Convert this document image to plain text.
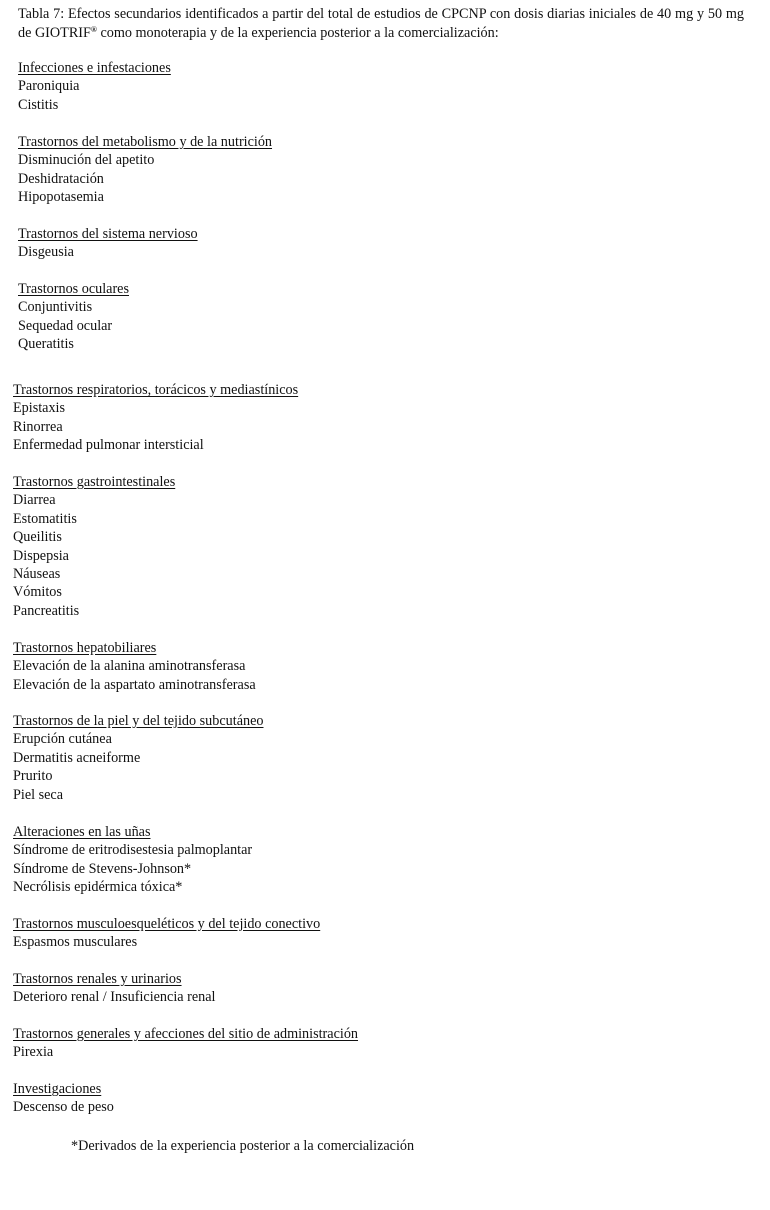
Tabla 7: Efectos secundarios identificados a partir del total de estudios de CPCNP con dosis diarias iniciales de 40 mg y 50 mg de GIOTRIF® como monoterapia y de la experiencia posterior a la comercialización:

Infecciones e infestaciones
Paroniquia
Cistitis
Trastornos del metabolismo y de la nutrición
Disminución del apetito
Deshidratación
Hipopotasemia
Trastornos del sistema nervioso
Disgeusia
Trastornos oculares
Conjuntivitis
Sequedad ocular
Queratitis
Trastornos respiratorios, torácicos y mediastínicos
Epistaxis
Rinorrea
Enfermedad pulmonar intersticial
Trastornos gastrointestinales
Diarrea
Estomatitis
Queilitis
Dispepsia
Náuseas
Vómitos
Pancreatitis
Trastornos hepatobiliares
Elevación de la alanina aminotransferasa
Elevación de la aspartato aminotransferasa
Trastornos de la piel y del tejido subcutáneo
Erupción cutánea
Dermatitis acneiforme
Prurito
Piel seca
Alteraciones en las uñas
Síndrome de eritrodisestesia palmoplantar
Síndrome de Stevens-Johnson*
Necrólisis epidérmica tóxica*
Trastornos musculoesqueléticos y del tejido conectivo
Espasmos musculares
Trastornos renales y urinarios
Deterioro renal / Insuficiencia renal
Trastornos generales y afecciones del sitio de administración
Pirexia
Investigaciones
Descenso de peso

*Derivados de la experiencia posterior a la comercialización
